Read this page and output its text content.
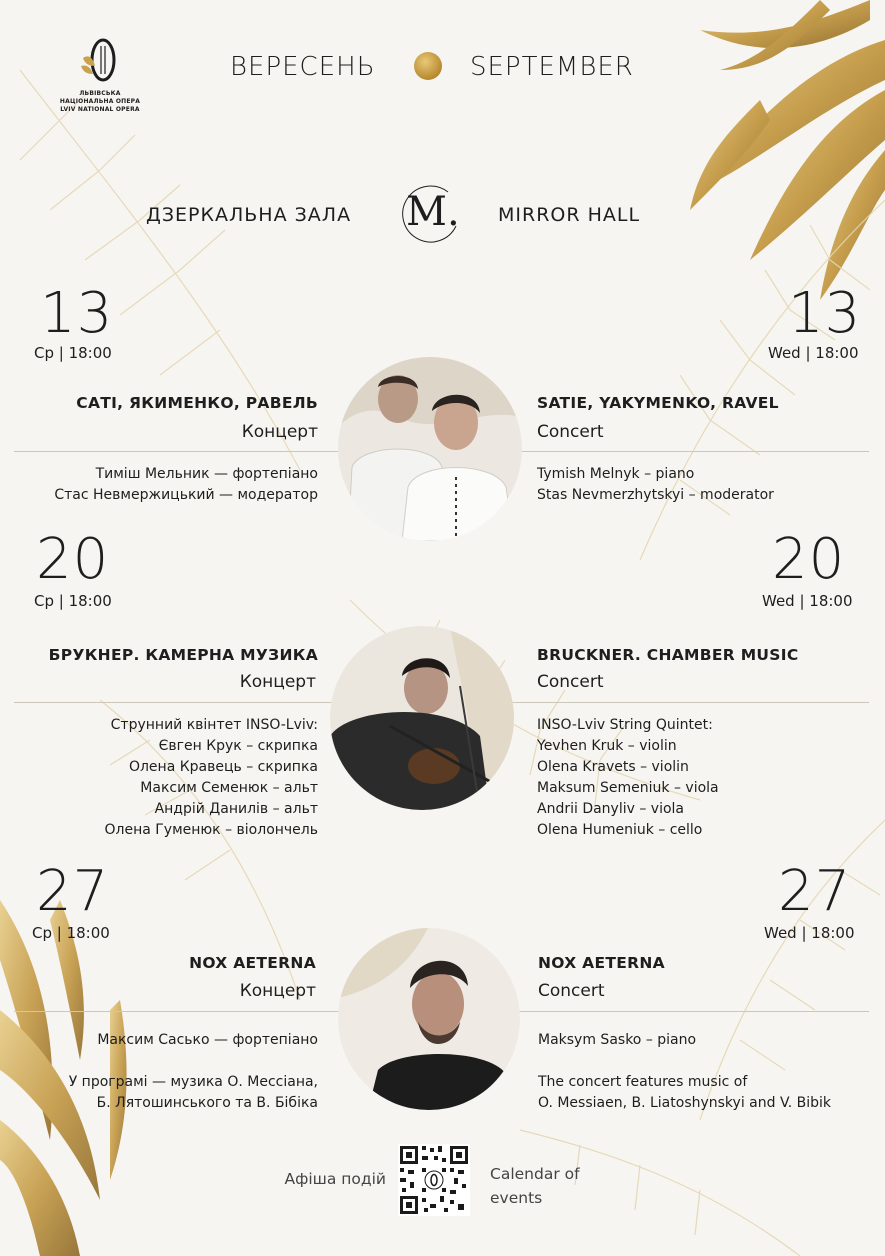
ЛЬВІВСЬКА НАЦІОНАЛЬНА ОПЕРА
LVIV NATIONAL OPERA
ВЕРЕСЕНЬ	SEPTEMBER
ДЗЕРКАЛЬНА ЗАЛА M. MIRROR HALL
13
Ср | 18:00
13
Wed | 18:00
САТІ, ЯКИМЕНКО, РАВЕЛЬ
Концерт
SATIE, YAKYMENKO, RAVEL
Concert
Тиміш Мельник — фортепіано
Стас Невмержицький — модератор
Tymish Melnyk – piano
Stas Nevmerzhytskyi – moderator
20
Ср | 18:00
20
Wed | 18:00
БРУКНЕР. КАМЕРНА МУЗИКА
Концерт
BRUCKNER. CHAMBER MUSIC
Concert
Струнний квінтет INSO-Lviv:
Євген Крук – скрипка
Олена Кравець – скрипка
Максим Семенюк – альт
Андрій Данилів – альт
Олена Гуменюк – віолончель
INSO-Lviv String Quintet:
Yevhen Kruk – violin
Olena Kravets – violin
Maksum Semeniuk – viola
Andrii Danyliv – viola
Olena Humeniuk – cello
27
Ср | 18:00
27
Wed | 18:00
NOX AETERNA
Концерт
NOX AETERNA
Concert
Максим Сасько — фортепіано
У програмі — музика О. Мессіана,
Б. Лятошинського та В. Бібіка
Maksym Sasko – piano
The concert features music of
O. Messiaen, B. Liatoshynskyi and V. Bibik
Афіша подій	Calendar of
events
